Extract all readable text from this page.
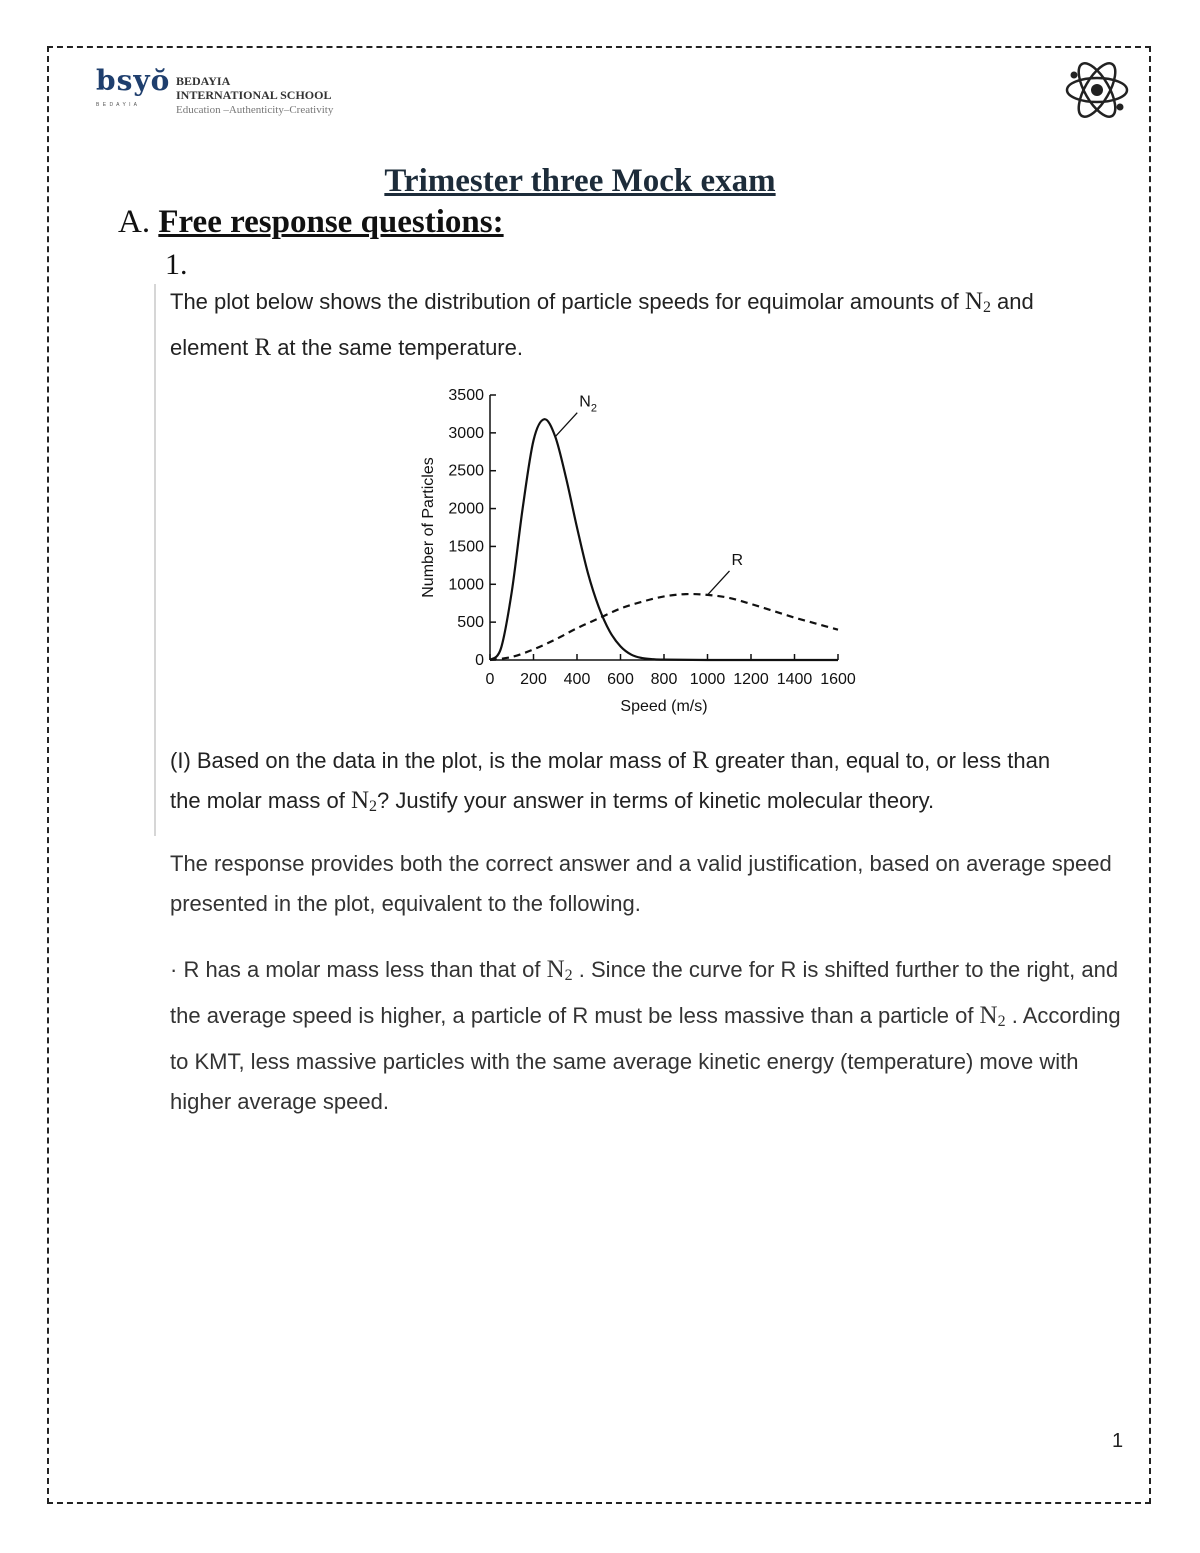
bsyŏ
B E D A Y I A
BEDAYIA
INTERNATIONAL SCHOOL
Education –Authenticity–Creativity
Trimester three Mock exam
A. Free response questions:
1.
The plot below shows the distribution of particle speeds for equimolar amounts of $N_2$ and
element R at the same temperature.
0
500
1000
1500
2000
2500
3000
3500
0 200 400 600 800 1000 1200 1400 1600
Speed (m/s)
Number of Particles
$N_2$
R
(I) Based on the data in the plot, is the molar mass of R greater than, equal to, or less than
the molar mass of $N_2$? Justify your answer in terms of kinetic molecular theory.
The response provides both the correct answer and a valid justification, based on average speed presented in the plot, equivalent to the following.
· R has a molar mass less than that of $N_2$ . Since the curve for R is shifted further to the right, and the average speed is higher, a particle of R must be less massive than a particle of $N_2$ . According to KMT, less massive particles with the same average kinetic energy (temperature) move with higher average speed.
1
